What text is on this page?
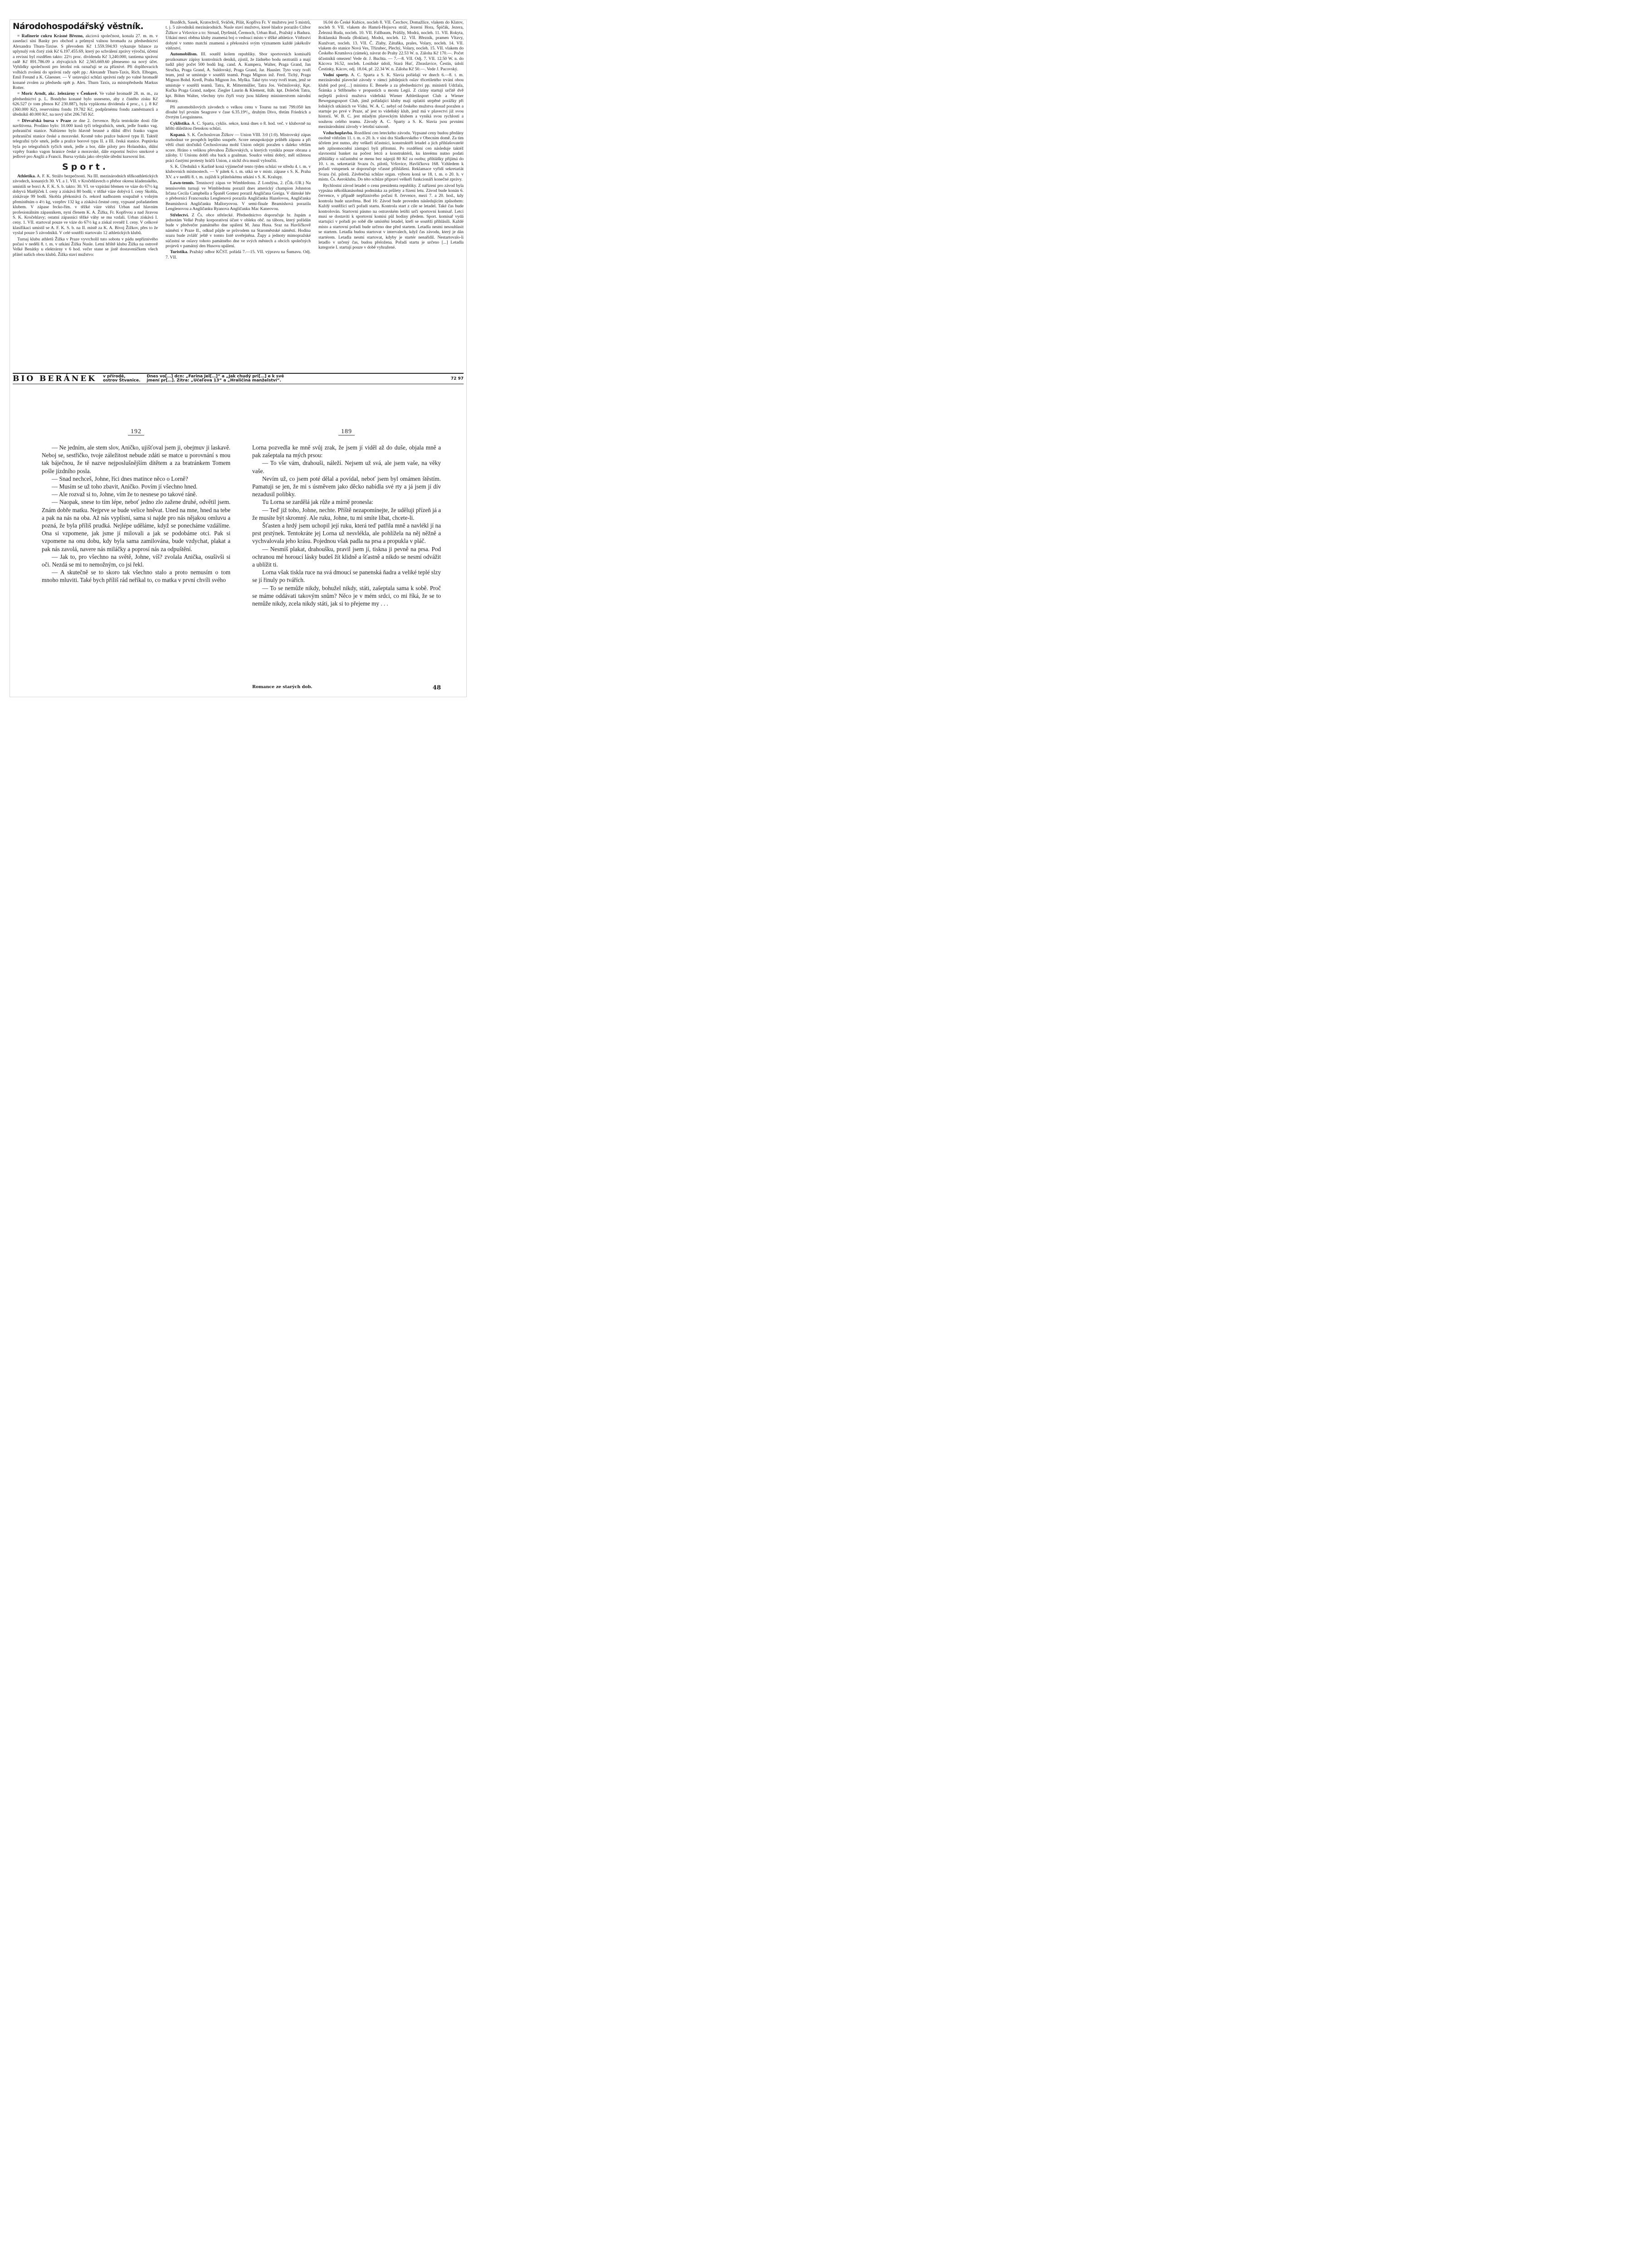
Národohospodářský věstník.

= Rafinerie cukru Krásné Březno, akciová společnost, konala 27. m. m. v zasedací síni Banky pro obchod a průmysl valnou hromadu za předsednictví Alexandra Thurn-Taxise. S převodem Kč 1.559.594.93 vykazuje bilance za uplynulý rok čistý zisk Kč 6.197.455.69, který po schválení zprávy výroční, účetní a revisní byl rozdělen takto: 22½ proc. dividenda Kč 3,240.000, tantiema správní radě Kč 891.786.09 a zbývajících Kč 2,565.669.60 přeneseno na nový účet. Vyhlídky společnosti pro letošní rok označují se za příznivé. Při doplňovacích volbách zvoleni do správní rady opět pp.: Alexandr Thurn-Taxis, Rich. Elbogen, Emil Freund a K. Glaesner. — V ustavující schůzi správní rady po valné hromadě konané zvolen za předsedu opět p. Alex. Thurn Taxis, za místopředsedu Markus Rotter.

= Moric Arndt, akc. železárny v Čenkově. Ve valné hromadě 28. m. m., za předsednictví p. L. Bondyho konané bylo usneseno, aby z čistého zisku Kč 626.527 (v tom přenos Kč 230.887), byla vyplácena dividenda 4 proc., t. j. 8 Kč (360.000 Kč), reservnímu fondu 19.782 Kč, podpůrnému fondu zaměstnanců a úředníků 40.000 Kč, na nový účet 206.745 Kč.

= Dřevařská bursa v Praze ze dne 2. července. Byla tentokráte dosti čile navštívena. Prodáno bylo: 10.000 kusů tyčí telegrafních, smrk, jedle franko vag. pohraniční stanice. Nabízeno bylo hlavně brusné a důlní dříví franko vagon pohraniční stanice české a moravské. Kromě toho pražce bukové typu II. Taktéž telegrafní tyče smrk, jedle a pražce borové typu II. a III. česká stanice. Poptávka byla po telegrafních tyčích smrk, jedle a bor, dále piloty pro Holandsko, důlní vzpěry franko vagon hranice české a moravské, dále exportní řezivo smrkové a jedlové pro Anglii a Francii. Bursa vydala jako obvykle úřední kursovní list.

Sport.

Athletika. A. F. K. Strážo bezpečnosti. Na III. mezinárodních těžkoathletických závodech, konaných 30. VI. a 1. VII. v Kročehlavech o přebor okresu kladenského, umístili se borci A. F. K. S. b. takto: 30. VI. ve vzpírání břemen ve váze do 67½ kg dobyvá Matějíček I. ceny a získává 80 bodů; v těžké váze dobývá I. ceny Skobla, získávaje 99 bodů. Skobla překonává čs. rekord nadhozem soupažně s volným přemístěním o 4½ kg, vzepřev 132 kg a získává čestné ceny, vypsané pořadatelem klubem. V zápase řecko-řím. v těžké váze vítězí Urban nad hlavním profesionálním zápasníkem, nyní členem K. A. Žižka, Fr. Kopřivou a nad Jiravou S. K. Kročehlavy; ostatní zápasníci těžké váhy se mu vzdali. Urban získává I. ceny. 1. VII. startoval pouze ve váze do 67½ kg a získal rovněž I. ceny. V celkové klasifikaci umístil se A. F. K. S. b. na II. místě za K. A. Bivoj Žižkov, přes to že vyslal pouze 5 závodníků. V celé soutěži startovalo 12 athletických klubů.

Turnaj klubu athletů Žižka v Praze vyvrcholil tuto sobotu v pádu nepříznivého počasí v neděli 8. t. m. v utkání Žižka Nusle. Letní hřiště klubu Žižka na ostrově Velké Benátky u elektrárny v 6 hod. večer stane se jistě dostaveníčkem všech přátel našich obou klubů. Žižka staví mužstvo:

Bozděch, Sasek, Kratochvíl, Sváček, Pilát, Kopřiva Fr. V mužstvu jest 5 mistrů, t. j. 5 závodníků mezinárodních. Nusle staví mužstvo, které hladce porazilo Ctibor Žižkov a Vršovice a to: Strnad, Dyršmíd, Čermoch, Urban Rud., Pražský a Badura. Utkání mezi oběma kluby znamená boj o vedoucí místo v těžké athletice. Vítězství dobyté v tomto matchi znamená a překonává svým významem každé jakékoliv vítězství.

Automobilism. III. soutěž kolem republiky. Sbor sportovních komisařů prozkoumav zápisy kontrolních deníků, zjistil, že žádného bodu neztratili a mají tudíž plný počet 500 bodů Ing. cand. A. Kumpera, Walter, Praga Grand, Jan Stručka, Praga Grand, A. Suldovský, Praga Grand, Jar. Hausler. Tyto vozy tvoří team, jenž se umístuje v soutěži teamů. Praga Mignon inž. Ferd. Tichý, Praga Mignon Bohd. Kredl, Praha Mignon Jos. Myška. Také tyto vozy tvoří team, jenž se umístuje v soutěži teamů. Tatra, R. Mittermüller, Tatra Jos. Večmilovský, Kpt. Kučka Praga Grand, nadpor. Ziegler Laurin & Klement, štáb. kpt. Doleček Tatra, kpt. Böhm Walter, všechny tyto čtyři vozy jsou hlášeny ministerstvem národní obrany.

Při automobilových závodech o velkou cenu v Toursu na trati 799.050 km dlouhé byl prvním Seagrave v čase 6.35.19⁴/₅, druhým Divo, třetím Friedrich a čtvrtým Leoguinness.

Cyklistika. A. C. Sparta, cyklis. sekce, koná dnes o 8. hod. več. v klubovně na hřišti důležitou členskou schůzi.

Kopaná. S. K. Čechoslovan Žižkov — Union VIII. 3:0 (1:0). Mistrovský zápas rozhodnut ve prospěch lepšího soupeře. Score neuspokojuje průběh zápasu a při větší chuti útočníků Čechoslovana mohl Union odejíti poražen s daleko větším score. Hráno s velikou převahou Žižkovských, u kterých vynikla pouze obrana a zálohy. U Unionu dobří oba back a goalman. Soudce velmi dobrý, měl stíženou práci častými protesty hráčů Union, z nichž dva musil vyloučiti.

S. K. Úředníků v Karlíně koná výjimečně tento týden schůzi ve středu 4. t. m. v klubovních místnostech. — V pátek 6. t. m. utká se v mistr. zápase s S. K. Praha XV. a v neděli 8. t. m. zajíždí k přátelskému utkání s S. K. Kralupy.

Lawn-tennis. Tennisový zápas ve Wimbledonu. Z Londýna, 2. (Čtk.-UR.) Na tennisovém turnaji ve Wimbledonu porazil dnes americký champion Johnston Irčana Cecila Campbella a Španěl Gomez porazil Angličana Greiga. V dámské hře o přeborníci Francouzka Lenglenová porazila Angličanku Hazelovou, Angličanka Beamishová Angličanku Malloryovou. V semi-finale Beamishová porazila Lenglenovou a Angličanku Ryanova Angličanku Mac Kaneovou.

Střelectví. Z Čs. obce střelecké. Předsednictvo doporučuje br. župám a jednotám Velké Prahy korporativní účast v obleku obč. na táboru, který pořádán bude v předvečer památného dne upálení M. Jana Husa. Sraz na Havlíčkově náměstí v Praze II., odkud půjde se průvodem na Staroměstské náměstí. Hodina srazu bude zvlášť ještě v tomto listě uveřejněna. Župy a jednoty mimopražské súčastní se oslavy tohoto památného dne ve svých městech a obcích společných projevů v památný den Husovu upálení.

Turistika. Pražský odbor KČST. pořádá 7.—15. VII. výpravu na Šumavu. Odj. 7. VII.

16.04 do České Kubice, nocleh 8. VII. Čerchov, Domažlice, vlakem do Klatov, nocleh 9. VII. vlakem do Hamrů-Hojsova stráž, Jezerní Hora, Špičák, Jezera, Železná Ruda, nocleh. 10. VII. Fallbaum, Prášily, Modrá, nocleh. 11. VII. Rokyta, Roklanská Bouda (Roklan), Modrá, nocleh. 12. VII. Březník, pramen Vltavy, Kunžvart, nocleh. 13. VII. Č. Zlaby, Zátuňka, prales, Volary, nocleh. 14. VII. vlakem do stanice Nová Ves, Třízubec, Plechý, Volary, nocleh. 15. VII. vlakem do Českého Krumlova (zámek), návrat do Prahy 22.53 W. n. Záloha Kč 170.—. Počet účastníků omezen! Vede dr. J. Buchta. — 7.—8. VII. Odj. 7. VII. 12.50 W. n. do Kácova 16.52, nocleh. Losiňské údolí, Stará Huť, Zbraslavice, Čestín, údolí Čestinky, Kácov, odj. 18.04, př. 22.34 W. n. Záloha Kč 50.—. Vede J. Pacovský.

Vodní sporty. A. C. Sparta a S. K. Slavia pořádají ve dnech 6.—8. t. m. mezinárodní plavecké závody v rámci jubilejních oslav třicetiletého trvání obou klubů pod pro[…] ministra E. Beneše a za předsednictví pp. ministrů Udržala, Šrámka a Stříbrného v propustích u mostu Legií. Z ciziny startují určitě dvě nejlepší polová mužstva vídeňská Wiener Athletiksport Club a Wiener Bewegungssport Club, jimž pořádající kluby mají oplatiti utrpěné porážky při loňských utkáních ve Vídni. W. A. C. nebyl od českého mužstva dosud poražen a startuje po prvé v Praze, ač jest to vídeňský klub, jenž má v plavectví již svou historii. W. B. C. jest mladým plaveckým klubem a vyniká svou rychlostí a souhrou celého teamu. Závody A. C. Sparty a S. K. Slavia jsou prvními mezinárodními závody v letošní saisoně.

Vzduchoplavba. Rozdílení cen leteckého závodu. Vypsané ceny budou předány osobně vítězům 11. t. m. o 20. h. v síni dra Sladkovského v Obecním domě. Za tím účelem jest nutno, aby veškeří účastníci, konstruktéři letadel a jich přihlašovatelé neb zplnomocnění zástupci byli přítomni. Po rozdělení cen následuje taktéž slavnostní banket na počest letců a konstruktérů, ku kterému nutno podati přihlášky o súčastnění se menu bez nápojů 80 Kč za osobu; přihlášky přijímá do 10. t. m. sekretariát Svazu čs. pilotů, Vršovice, Havlíčkova 168. Vzhledem k pořadí vstupenek se doporučuje včasné přihlášení. Reklamace vyřídí sekretariát Svazu čsl. pilotů. Závěrečná schůze organ. výboru koná se 18. t. m. o 20. h. v místn. Čs. Aeroklubu. Do této schůze připraví veškeří funkcionáři konečné zprávy.

Rychlostní závod letadel o cenu presidenta republiky. Z nařízení pro závod byla vypsána několikanásobná podmínka za průlety a řízení letu. Závod bude konán 6. července, v případě nepříznivého počasí 8. července, mezi 7. a 20. hod., kdy kontrola bude uzavřena. Bod 16: Závod bude proveden následujícím způsobem: Každý soutěžící určí pořadí startu. Kontrola start z cíle se letadel. Také čas bude kontrolován. Startovní pásmo na ostravském letišti určí sportovní komisař. Letci musí se dostaviti k sportovní komisi půl hodiny předem. Sport. komisař vydá startující v pořadí po sobě dle umístění letadel, kteří se soutěží přihlásili. Každé místo a startovní pořadí bude určeno dne před startem. Letadla nesmí nesouhlasit se startem. Letadla budou startovat v intervalech, když čas závodu, který je dán startérem. Letadla nesmí startovat, kdyby je startér nenařídil. Nestartovalo-li letadlo v určený čas, budou přeložena. Pořadí startu je určeno [...] Letadla kategorie I. startují pouze v době vyhražené.

BIO BERÁNEK v přírodě,
ostrov Štvanice.
Dnes vo[…] dcn: „Farina Jel[…]“ a „Jak chudý pri[…] e k svě
jmení pr[…]. Zítra: „Učeľova 13“ a „Hraličina manželství“.	72 97
192

— Ne jedním, ale stem slov, Aničko, ujišťoval jsem ji, obejmuv ji laskavě. Neboj se, sestřičko, tvoje záležitost nebude zdáti se matce u porovnání s mou tak báječnou, že tě nazve nejposlušnějším dítětem a za bratránkem Tomem pošle jízdního posla.

— Snad nechceš, Johne, říci dnes matince něco o Lorně?

— Musím se už toho zbavit, Aničko. Povím jí všechno hned.

— Ale rozvaž si to, Johne, vím že to nesnese po takové ráně.

— Naopak, snese to tím lépe, neboť jedno zlo zažene druhé, odvětil jsem. Znám dobře matku. Nejprve se bude velice hněvat. Uned na mne, hned na tebe a pak na nás na oba. Až nás vyplísní, sama si najde pro nás nějakou omluvu a pozná, že byla příliš prudká. Nejlépe uděláme, když se ponecháme vzdálíme. Ona si vzpomene, jak jsme jí milovali a jak se podobáme otci. Pak si vzpomene na onu dobu, kdy byla sama zamilována, bude vzdychat, plakat a pak nás zavolá, navere nás miláčky a poprosí nás za odpuštění.

— Jak to, pro všechno na světě, Johne, víš? zvolala Anička, osušivši si oči. Nezdá se mi to nemožným, co jsi řekl.

— A skutečně se to skoro tak všechno stalo a proto nemusím o tom mnoho mluviti. Také bych příliš rád neříkal to, co matka v první chvíli svého

189

Lorna pozvedla ke mně svůj zrak, že jsem jí viděl až do duše, objala mně a pak zašeptala na mých prsou:

— To vše vám, drahouši, náleží. Nejsem už svá, ale jsem vaše, na věky vaše.

Nevím už, co jsem poté dělal a povídal, neboť jsem byl omámen štěstím. Pamatuji se jen, že mi s úsměvem jako děcko nabídla své rty a já jsem jí dív nezadusil polibky.

Tu Lorna se zardělá jak růže a mírně pronesla:

— Teď již toho, Johne, nechte. Příště nezapomínejte, že uděluji přízeň já a že musíte být skromný. Ale ruku, Johne, tu mi smíte líbat, chcete-li.

Šťasten a hrdý jsem uchopil její ruku, která teď patřila mně a navlékl jí na prst prstýnek. Tentokráte jej Lorna už nesvlékla, ale pohlížela na něj něžně a vychvalovala jeho krásu. Pojednou však padla na prsa a propukla v pláč.

— Nesmíš plakat, drahoušku, pravil jsem jí, tiskna ji pevně na prsa. Pod ochranou mé horoucí lásky budeš žít klidně a šťastně a nikdo se nesmí odvážit a ublížit ti.

Lorna však tiskla ruce na svá dmoucí se panenská ňadra a veliké teplé slzy se jí řinuly po tvářích.

— To se nemůže nikdy, bohužel nikdy, státi, zašeptala sama k sobě. Proč se máme oddávati takovým snům? Něco je v mém srdci, co mi říká, že se to nemůže nikdy, zcela nikdy státi, jak si to přejeme my . . .

Romance ze starých dob.	48
